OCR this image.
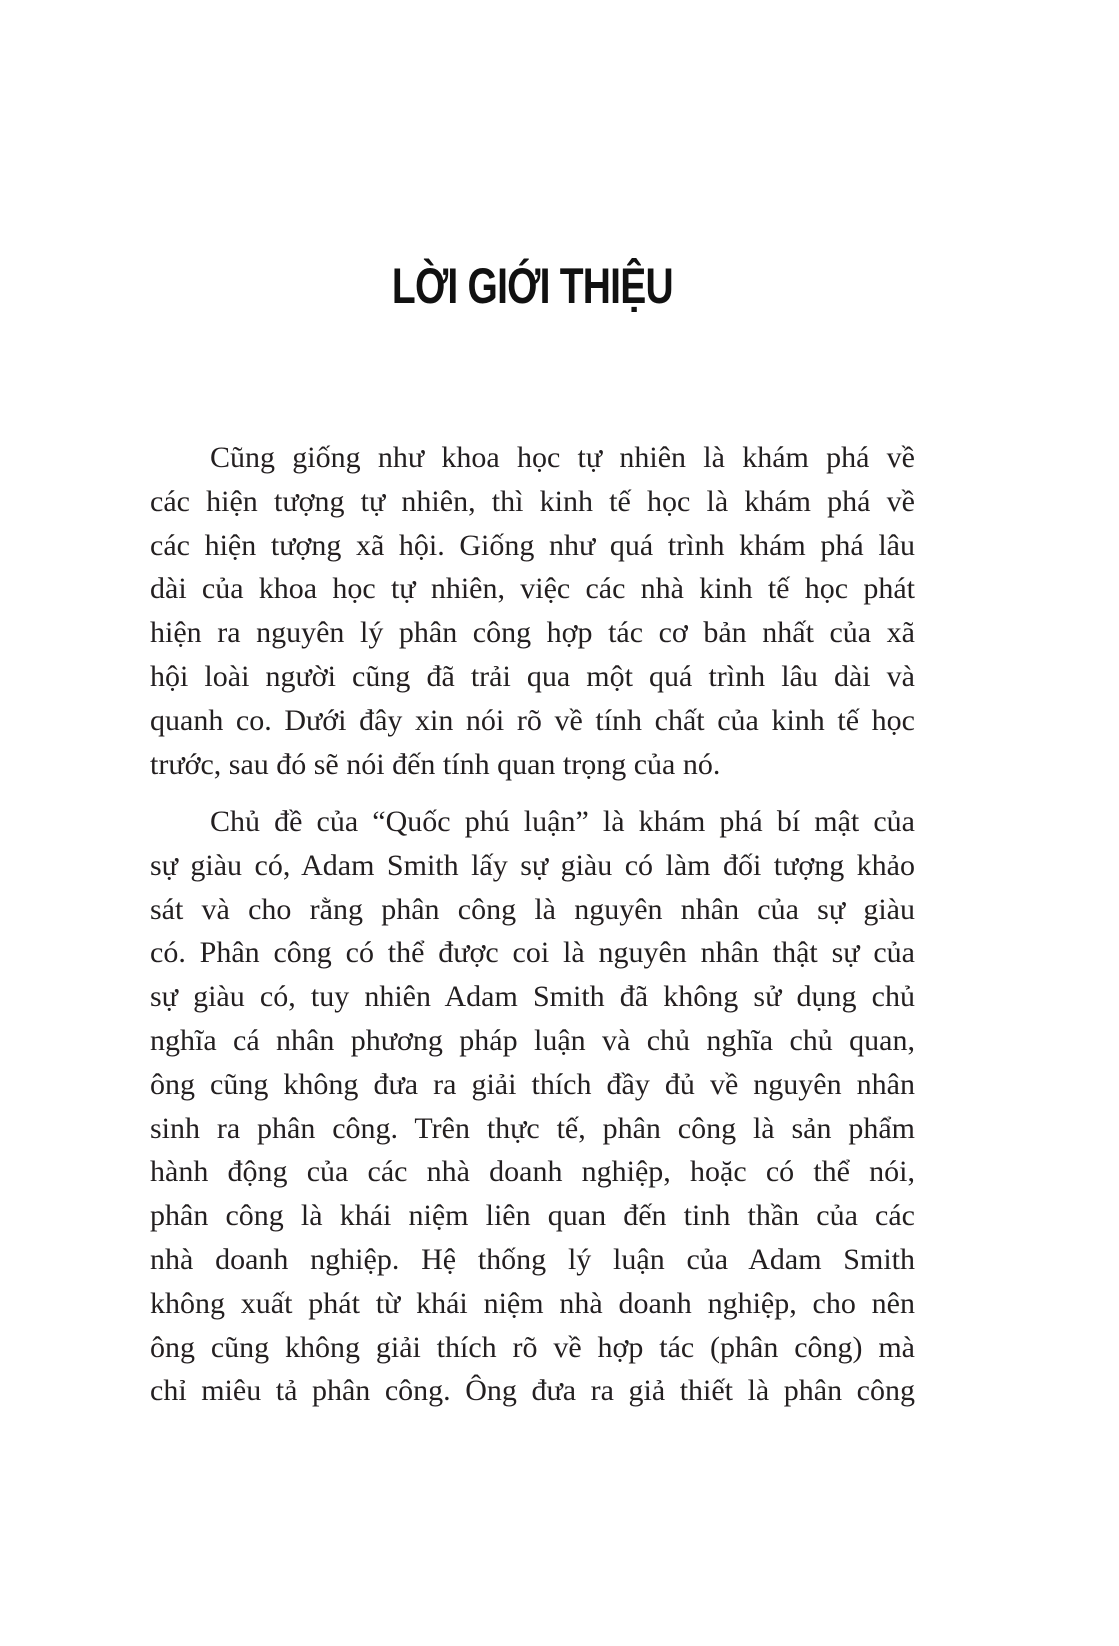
LỜI GIỚI THIỆU
Cũng giống như khoa học tự nhiên là khám phá về
các hiện tượng tự nhiên, thì kinh tế học là khám phá về
các hiện tượng xã hội. Giống như quá trình khám phá lâu
dài của khoa học tự nhiên, việc các nhà kinh tế học phát
hiện ra nguyên lý phân công hợp tác cơ bản nhất của xã
hội loài người cũng đã trải qua một quá trình lâu dài và
quanh co. Dưới đây xin nói rõ về tính chất của kinh tế học
trước, sau đó sẽ nói đến tính quan trọng của nó.
Chủ đề của “Quốc phú luận” là khám phá bí mật của
sự giàu có, Adam Smith lấy sự giàu có làm đối tượng khảo
sát và cho rằng phân công là nguyên nhân của sự giàu
có. Phân công có thể được coi là nguyên nhân thật sự của
sự giàu có, tuy nhiên Adam Smith đã không sử dụng chủ
nghĩa cá nhân phương pháp luận và chủ nghĩa chủ quan,
ông cũng không đưa ra giải thích đầy đủ về nguyên nhân
sinh ra phân công. Trên thực tế, phân công là sản phẩm
hành động của các nhà doanh nghiệp, hoặc có thể nói,
phân công là khái niệm liên quan đến tinh thần của các
nhà doanh nghiệp. Hệ thống lý luận của Adam Smith
không xuất phát từ khái niệm nhà doanh nghiệp, cho nên
ông cũng không giải thích rõ về hợp tác (phân công) mà
chỉ miêu tả phân công. Ông đưa ra giả thiết là phân công
